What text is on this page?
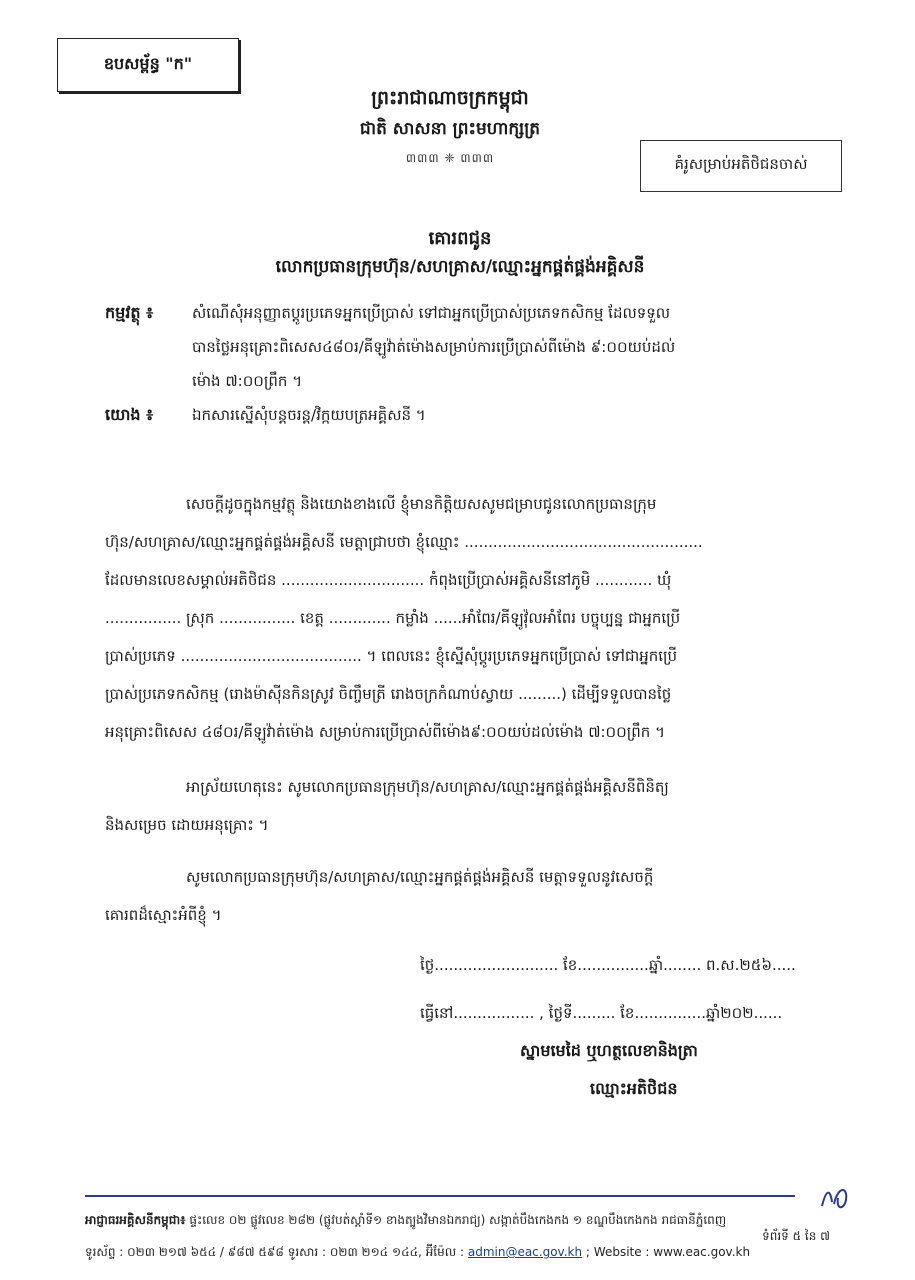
ឧបសម្ព័ន្ធ "ក"
ព្រះរាជាណាចក្រកម្ពុជា
ជាតិ សាសនា ព្រះមហាក្សត្រ
៣៣៣ ❈ ៣៣៣	គំរូសម្រាប់អតិថិជនចាស់
គោរពជូន
លោកប្រធានក្រុមហ៊ុន/សហគ្រាស/ឈ្មោះអ្នកផ្គត់ផ្គង់អគ្គិសនី
កម្មវត្ថុ ៖	សំណើសុំអនុញ្ញាតប្ដូរប្រភេទអ្នកប្រើប្រាស់ ទៅជាអ្នកប្រើប្រាស់ប្រភេទកសិកម្ម ដែលទទួល
បានថ្លៃអនុគ្រោះពិសេស៤៨០រ/គីឡូវ៉ាត់ម៉ោងសម្រាប់ការប្រើប្រាស់ពីម៉ោង ៩:០០យប់ដល់
ម៉ោង ៧:០០ព្រឹក ។
យោង ៖	ឯកសារស្នើសុំបន្តចរន្ត/វិក្កយបត្រអគ្គិសនី ។
សេចក្ដីដូចក្នុងកម្មវត្ថុ និងយោងខាងលើ ខ្ញុំមានកិត្តិយសសូមជម្រាបជូនលោកប្រធានក្រុម
ហ៊ុន/សហគ្រាស/ឈ្មោះអ្នកផ្គត់ផ្គង់អគ្គិសនី មេត្តាជ្រាបថា ខ្ញុំឈ្មោះ ..................................................
ដែលមានលេខសម្គាល់អតិថិជន .............................. កំពុងប្រើប្រាស់អគ្គិសនីនៅភូមិ ............ ឃុំ
................ ស្រុក ................ ខេត្ត ............. កម្លាំង ......អាំពែរ/គីឡូវ៉ុលអាំពែរ បច្ចុប្បន្ន ជាអ្នកប្រើ
ប្រាស់ប្រភេទ ...................................... ។ ពេលនេះ ខ្ញុំស្នើសុំប្ដូរប្រភេទអ្នកប្រើប្រាស់ ទៅជាអ្នកប្រើ
ប្រាស់ប្រភេទកសិកម្ម (រោងម៉ាស៊ីនកិនស្រូវ ចិញ្ចឹមត្រី រោងចក្រកំណាប់ស្វាយ .........) ដើម្បីទទួលបានថ្លៃ
អនុគ្រោះពិសេស ៤៨០រ/គីឡូវ៉ាត់ម៉ោង សម្រាប់ការប្រើប្រាស់ពីម៉ោង៩:០០យប់ដល់ម៉ោង ៧:០០ព្រឹក ។
អាស្រ័យហេតុនេះ សូមលោកប្រធានក្រុមហ៊ុន/សហគ្រាស/ឈ្មោះអ្នកផ្គត់ផ្គង់អគ្គិសនីពិនិត្យ
និងសម្រេច ដោយអនុគ្រោះ ។
សូមលោកប្រធានក្រុមហ៊ុន/សហគ្រាស/ឈ្មោះអ្នកផ្គត់ផ្គង់អគ្គិសនី មេត្តាទទួលនូវសេចក្ដី
គោរពដ៏ស្មោះអំពីខ្ញុំ ។
ថ្ងៃ.......................... ខែ...............ឆ្នាំ........ ព.ស.២៥៦.....
ធ្វើនៅ................. , ថ្ងៃទី......... ខែ...............ឆ្នាំ២០២......
ស្នាមមេដៃ ឬហត្ថលេខានិងត្រា
ឈ្មោះអតិថិជន
អាជ្ញាធរអគ្គិសនីកម្ពុជា៖ ផ្ទះលេខ ០២ ផ្លូវលេខ ២៨២ (ផ្លូវបត់ស្ដាំទី១ ខាងត្បូងវិមានឯករាជ្យ) សង្កាត់បឹងកេងកង ១ ខណ្ឌបឹងកេងកង រាជធានីភ្នំពេញ
ទំព័រទី ៥ នៃ ៧
ទូរស័ព្ទ : ០២៣ ២១៧ ៦៥៤ / ៩៨៧ ៥៩៨ ទូរសារ : ០២៣ ២១៤ ១៤៤, អ៊ីម៉ែល : admin@eac.gov.kh ; Website : www.eac.gov.kh
